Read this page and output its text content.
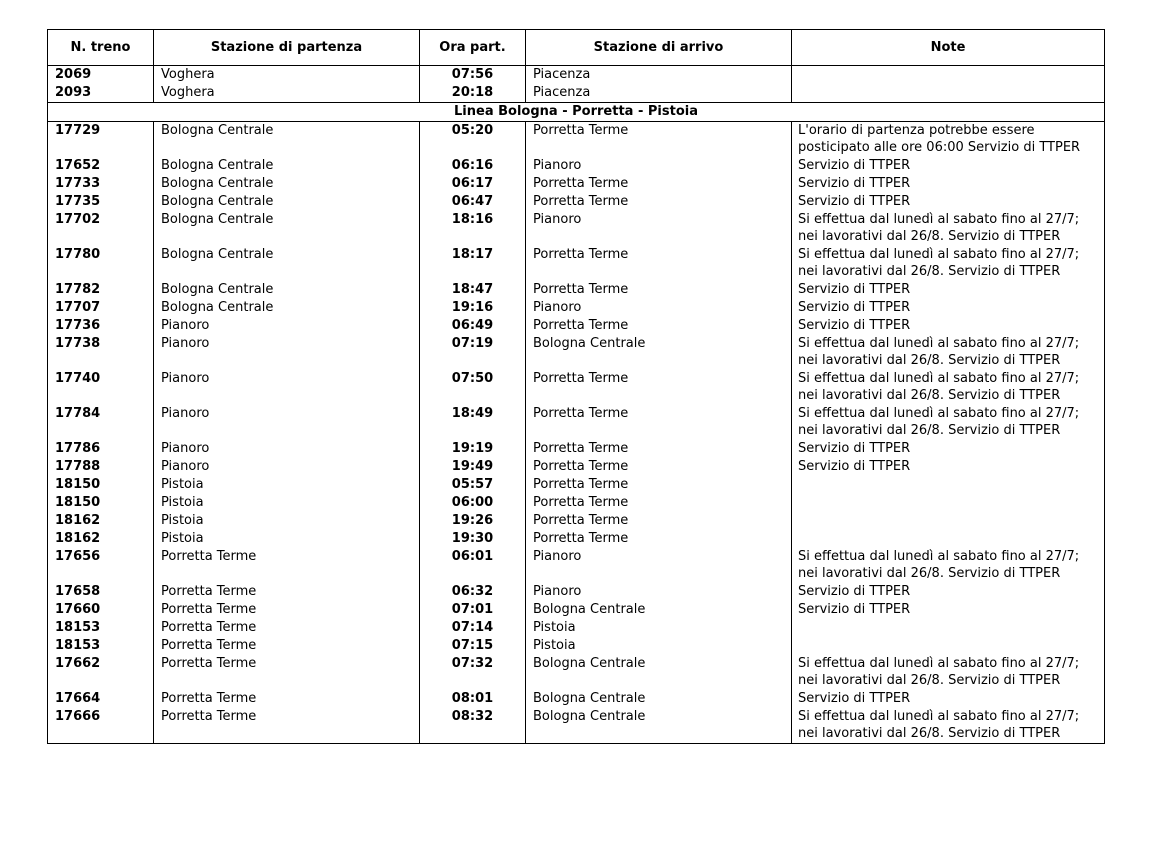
N. treno	Stazione di partenza	Ora part.	Stazione di arrivo	Note
2069	Voghera	07:56	Piacenza	
2093	Voghera	20:18	Piacenza	
Linea Bologna - Porretta - Pistoia				
17729	Bologna Centrale	05:20	Porretta Terme	L'orario di partenza potrebbe essere
posticipato alle ore 06:00 Servizio di TTPER
17652	Bologna Centrale	06:16	Pianoro	Servizio di TTPER
17733	Bologna Centrale	06:17	Porretta Terme	Servizio di TTPER
17735	Bologna Centrale	06:47	Porretta Terme	Servizio di TTPER
17702	Bologna Centrale	18:16	Pianoro	Si effettua dal lunedì al sabato fino al 27/7;
nei lavorativi dal 26/8. Servizio di TTPER
17780	Bologna Centrale	18:17	Porretta Terme	Si effettua dal lunedì al sabato fino al 27/7;
nei lavorativi dal 26/8. Servizio di TTPER
17782	Bologna Centrale	18:47	Porretta Terme	Servizio di TTPER
17707	Bologna Centrale	19:16	Pianoro	Servizio di TTPER
17736	Pianoro	06:49	Porretta Terme	Servizio di TTPER
17738	Pianoro	07:19	Bologna Centrale	Si effettua dal lunedì al sabato fino al 27/7;
nei lavorativi dal 26/8. Servizio di TTPER
17740	Pianoro	07:50	Porretta Terme	Si effettua dal lunedì al sabato fino al 27/7;
nei lavorativi dal 26/8. Servizio di TTPER
17784	Pianoro	18:49	Porretta Terme	Si effettua dal lunedì al sabato fino al 27/7;
nei lavorativi dal 26/8. Servizio di TTPER
17786	Pianoro	19:19	Porretta Terme	Servizio di TTPER
17788	Pianoro	19:49	Porretta Terme	Servizio di TTPER
18150	Pistoia	05:57	Porretta Terme	
18150	Pistoia	06:00	Porretta Terme	
18162	Pistoia	19:26	Porretta Terme	
18162	Pistoia	19:30	Porretta Terme	
17656	Porretta Terme	06:01	Pianoro	Si effettua dal lunedì al sabato fino al 27/7;
nei lavorativi dal 26/8. Servizio di TTPER
17658	Porretta Terme	06:32	Pianoro	Servizio di TTPER
17660	Porretta Terme	07:01	Bologna Centrale	Servizio di TTPER
18153	Porretta Terme	07:14	Pistoia	
18153	Porretta Terme	07:15	Pistoia	
17662	Porretta Terme	07:32	Bologna Centrale	Si effettua dal lunedì al sabato fino al 27/7;
nei lavorativi dal 26/8. Servizio di TTPER
17664	Porretta Terme	08:01	Bologna Centrale	Servizio di TTPER
17666	Porretta Terme	08:32	Bologna Centrale	Si effettua dal lunedì al sabato fino al 27/7;
nei lavorativi dal 26/8. Servizio di TTPER
